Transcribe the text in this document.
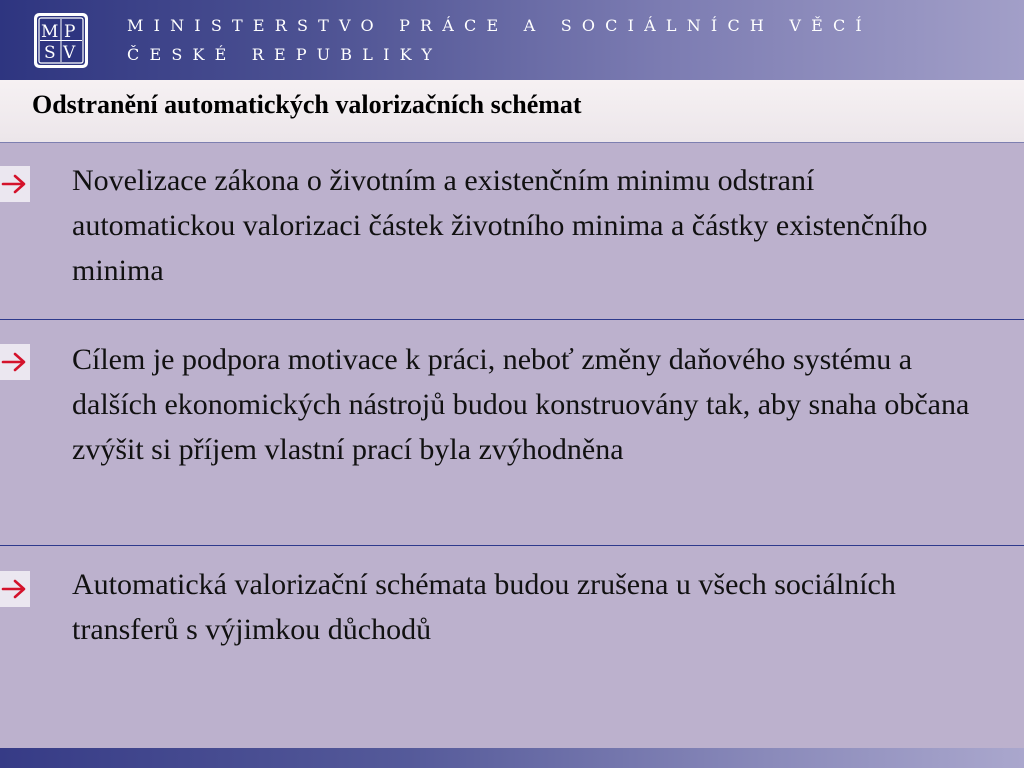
M P
S V
MINISTERSTVO PRÁCE A SOCIÁLNÍCH VĚCÍ
ČESKÉ REPUBLIKY
Odstranění automatických valorizačních schémat

Novelizace zákona o životním a existenčním minimu odstraní automatickou valorizaci částek životního minima a částky existenčního minima

Cílem je podpora motivace k práci, neboť změny daňového systému a dalších ekonomických nástrojů budou konstruovány tak, aby snaha občana zvýšit si příjem vlastní prací byla zvýhodněna

Automatická valorizační schémata budou zrušena u všech sociálních transferů s výjimkou důchodů
